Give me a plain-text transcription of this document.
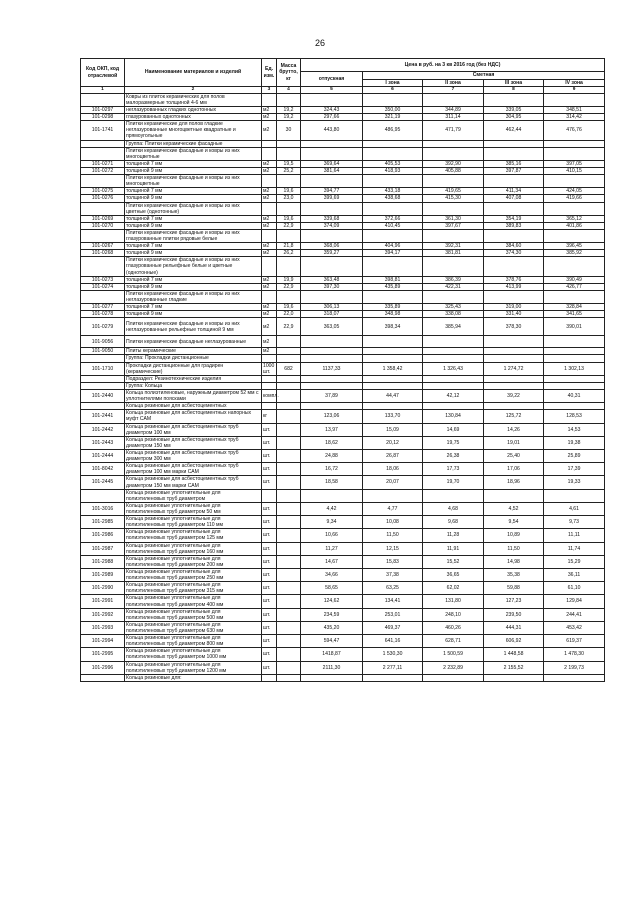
26
Код ОКП, код отраслевой	Наименование материалов и изделий	Ед. изм.	Масса брутто, кг	Цена в руб. на 3 кв 2016 год (без НДС)				
				отпускная	Сметная			
					I зона	II зона	III зона	IV зона
1	2	3	4	5	6	7	8	9
	Ковры из плиток керамических для полов малоразмерные толщиной 4-6 мм							
101-0297	неглазурованных гладких однотонных	м2	19,2	324,43	350,00	344,89	339,05	348,51
101-0298	глазурованных однотонных	м2	19,2	297,66	321,19	311,14	304,95	314,42
101-1741	Плитки керамические для полов гладкие неглазурованные многоцветные квадратные и прямоугольные	м2	30	443,80	486,95	471,79	462,44	476,76
	Группа: Плитки керамические фасадные							
	Плитки керамические фасадные и ковры из них многоцветные							
101-0271	толщиной 7 мм	м2	19,5	369,64	405,53	392,90	385,16	397,05
101-0272	толщиной 9 мм	м2	25,2	381,64	418,93	405,88	397,87	410,15
	Плитки керамические фасадные и ковры из них многоцветные							
101-0275	толщиной 7 мм	м2	19,6	394,77	433,18	419,65	411,34	424,05
101-0276	толщиной 9 мм	м2	23,0	399,69	438,68	415,30	407,08	419,66
	Плитки керамические фасадные и ковры из них цветные (однотонные)							
101-0269	толщиной 7 мм	м2	19,6	339,68	372,66	361,30	354,19	365,12
101-0270	толщиной 9 мм	м2	22,9	374,09	410,45	397,67	389,83	401,86
	Плитки керамические фасадные и ковры из них глазурованные плитки рядовые белые							
101-0267	толщиной 7 мм	м2	21,8	368,06	404,96	392,31	384,60	396,45
101-0268	толщиной 9 мм	м2	26,2	359,27	394,17	381,81	374,30	385,92
	Плитки керамические фасадные и ковры из них глазурованные рельефные белые и цветные (однотонные)							
101-0273	толщиной 7 мм	м2	19,9	363,48	398,81	386,39	378,76	390,49
101-0274	толщиной 9 мм	м2	22,9	397,30	435,89	422,31	413,99	426,77
	Плитки керамические фасадные и ковры из них неглазурованные гладкие							
101-0277	толщиной 7 мм	м2	19,6	306,13	335,89	325,43	319,00	328,84
101-0278	толщиной 9 мм	м2	22,0	318,07	348,98	338,08	331,40	341,65
101-0279	Плитки керамические фасадные и ковры из них неглазурованные рельефные толщиной 9 мм	м2	22,9	363,05	398,34	385,94	378,30	390,01
101-9056	Плитки керамические фасадные неглазурованные	м2						
101-9050	Плиты керамические	м2						
	Группа: Прокладки дистанционные							
101-1710	Прокладки дистанционные для градирен (керамические)	1000 шт.	682	1137,33	1 358,42	1 326,43	1 274,72	1 302,13
	Подраздел: Резинотехнические изделия							
	Группа: Кольца							
101-2440	Кольца полиэтиленовые, наружным диаметром 52 мм с уплотнителями поясками	компл.		37,89	44,47	42,12	39,22	40,31
	Кольца резиновые для асбестоцементных							
101-2441	Кольца резиновые для асбестоцементных напорных муфт САМ	кг		123,06	133,70	130,84	125,72	128,53
101-2442	Кольца резиновые для асбестоцементных труб диаметром 100 мм	шт.		13,97	15,09	14,69	14,26	14,53
101-2443	Кольца резиновые для асбестоцементных труб диаметром 150 мм	шт.		18,62	20,12	19,75	19,01	19,38
101-2444	Кольца резиновые для асбестоцементных труб диаметром 300 мм	шт.		24,88	26,87	26,38	25,40	25,89
101-8042	Кольца резиновые для асбестоцементных труб диаметром 100 мм марки САМ	шт.		16,72	18,06	17,73	17,06	17,39
101-2445	Кольца резиновые для асбестоцементных труб диаметром 150 мм марки САМ	шт.		18,58	20,07	19,70	18,96	19,33
	Кольца резиновые уплотнительные для полиэтиленовых труб диаметром							
101-3016	Кольца резиновые уплотнительные для полиэтиленовых труб диаметром 50 мм	шт.		4,42	4,77	4,68	4,52	4,61
101-2985	Кольца резиновые уплотнительные для полиэтиленовых труб диаметром 110 мм	шт.		9,34	10,08	9,68	9,54	9,73
101-2986	Кольца резиновые уплотнительные для полиэтиленовых труб диаметром 125 мм	шт.		10,66	11,50	11,28	10,89	11,11
101-2987	Кольца резиновые уплотнительные для полиэтиленовых труб диаметром 160 мм	шт.		11,27	12,15	11,91	11,50	11,74
101-2988	Кольца резиновые уплотнительные для полиэтиленовых труб диаметром 200 мм	шт.		14,67	15,83	15,52	14,98	15,29
101-2989	Кольца резиновые уплотнительные для полиэтиленовых труб диаметром 250 мм	шт.		34,66	37,38	36,65	35,38	36,11
101-2990	Кольца резиновые уплотнительные для полиэтиленовых труб диаметром 315 мм	шт.		58,65	63,25	62,02	59,88	61,10
101-2991	Кольца резиновые уплотнительные для полиэтиленовых труб диаметром 400 мм	шт.		124,62	134,41	131,80	127,23	129,84
101-2992	Кольца резиновые уплотнительные для полиэтиленовых труб диаметром 500 мм	шт.		234,59	253,01	248,10	239,50	244,41
101-2993	Кольца резиновые уплотнительные для полиэтиленовых труб диаметром 630 мм	шт.		435,20	469,37	460,26	444,31	453,42
101-2994	Кольца резиновые уплотнительные для полиэтиленовых труб диаметром 800 мм	шт.		594,47	641,16	628,71	606,92	619,37
101-2995	Кольца резиновые уплотнительные для полиэтиленовых труб диаметром 1000 мм	шт.		1418,87	1 530,30	1 500,59	1 448,58	1 478,30
101-2996	Кольца резиновые уплотнительные для полиэтиленовых труб диаметром 1200 мм	шт.		2111,30	2 277,11	2 232,89	2 155,52	2 199,73
	Кольца резиновые для:							
